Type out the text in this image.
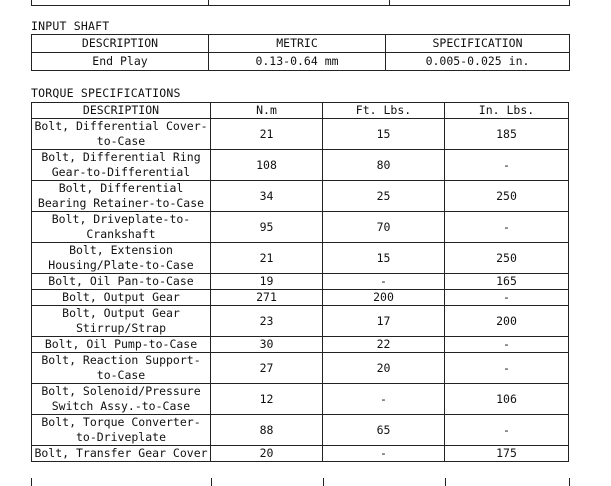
INPUT SHAFT
DESCRIPTION	METRIC	SPECIFICATION
End Play	0.13-0.64 mm	0.005-0.025 in.
TORQUE SPECIFICATIONS
DESCRIPTION	N.m	Ft. Lbs.	In. Lbs.
Bolt, Differential Cover-
to-Case	21	15	185
Bolt, Differential Ring
Gear-to-Differential	108	80	-
Bolt, Differential
Bearing Retainer-to-Case	34	25	250
Bolt, Driveplate-to-
Crankshaft	95	70	-
Bolt, Extension
Housing/Plate-to-Case	21	15	250
Bolt, Oil Pan-to-Case	19	-	165
Bolt, Output Gear	271	200	-
Bolt, Output Gear
Stirrup/Strap	23	17	200
Bolt, Oil Pump-to-Case	30	22	-
Bolt, Reaction Support-
to-Case	27	20	-
Bolt, Solenoid/Pressure
Switch Assy.-to-Case	12	-	106
Bolt, Torque Converter-
to-Driveplate	88	65	-
Bolt, Transfer Gear Cover	20	-	175
